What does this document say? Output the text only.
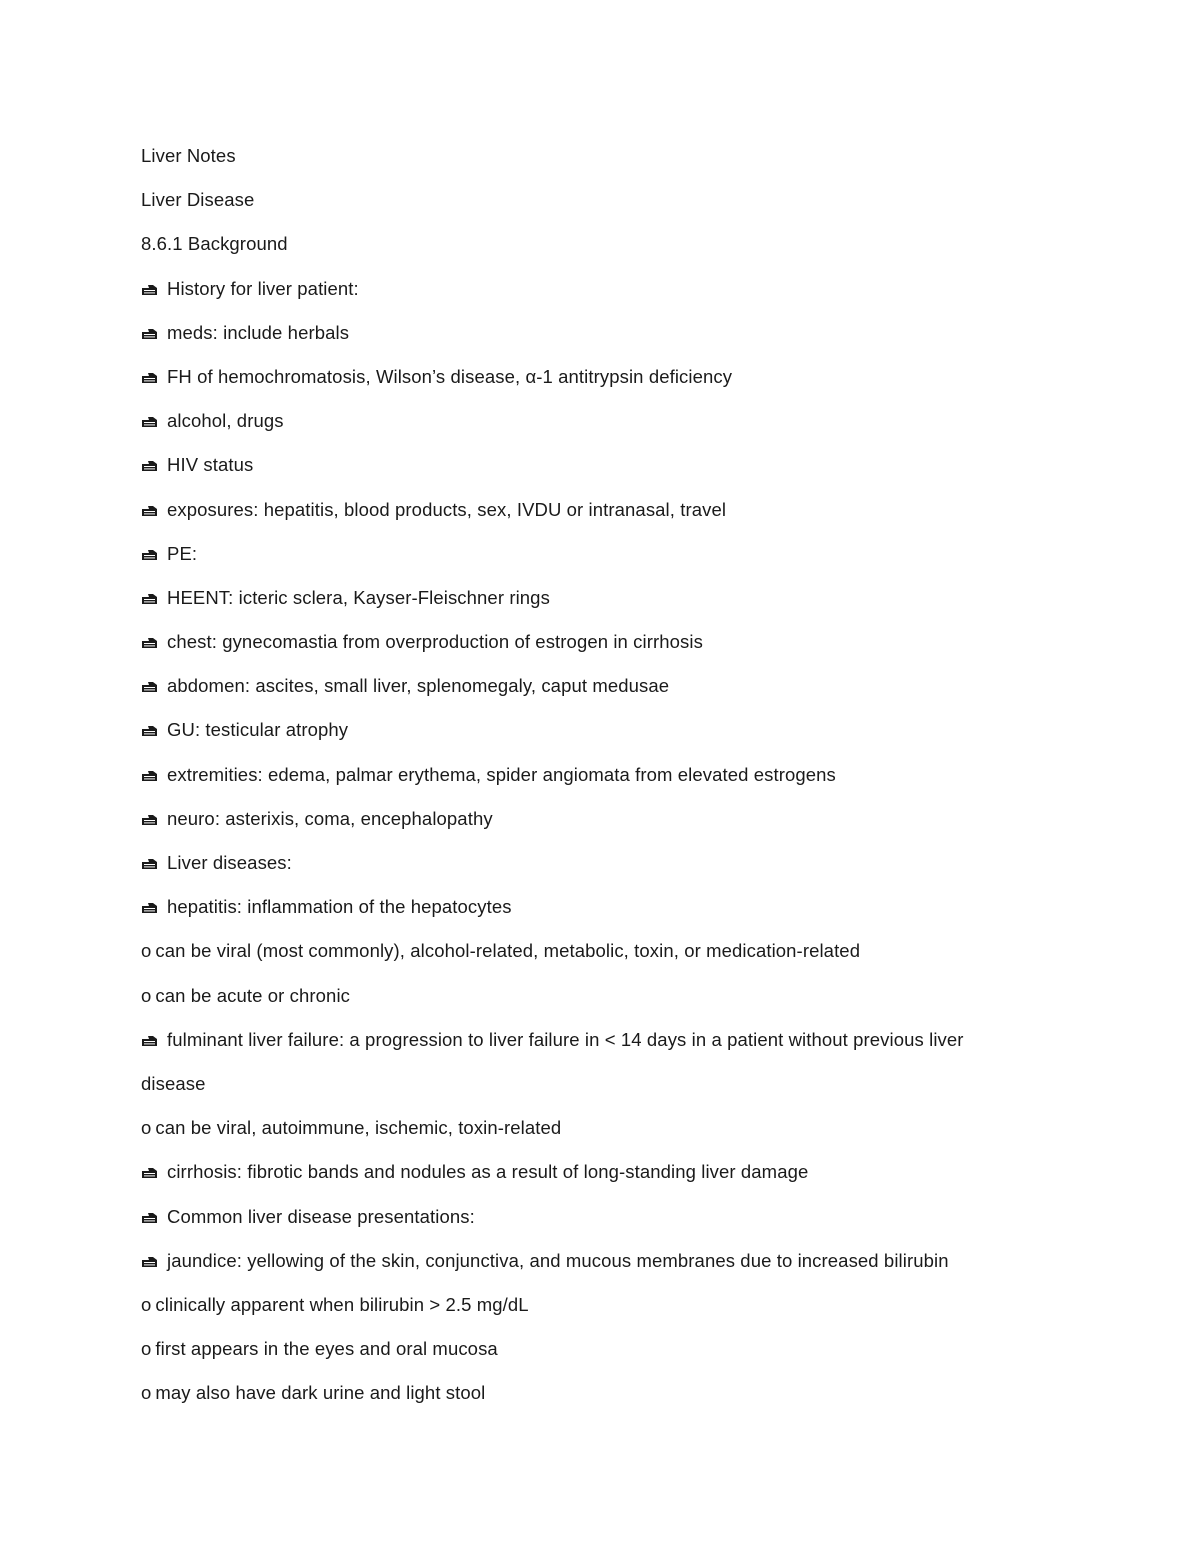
Liver Notes
Liver Disease
8.6.1 Background
History for liver patient:
meds: include herbals
FH of hemochromatosis, Wilson’s disease, α-1 antitrypsin deficiency
alcohol, drugs
HIV status
exposures: hepatitis, blood products, sex, IVDU or intranasal, travel
PE:
HEENT: icteric sclera, Kayser-Fleischner rings
chest: gynecomastia from overproduction of estrogen in cirrhosis
abdomen: ascites, small liver, splenomegaly, caput medusae
GU: testicular atrophy
extremities: edema, palmar erythema, spider angiomata from elevated estrogens
neuro: asterixis, coma, encephalopathy
Liver diseases:
hepatitis: inflammation of the hepatocytes
o can be viral (most commonly), alcohol-related, metabolic, toxin, or medication-related
o can be acute or chronic
fulminant liver failure: a progression to liver failure in < 14 days in a patient without previous liver
disease
o can be viral, autoimmune, ischemic, toxin-related
cirrhosis: fibrotic bands and nodules as a result of long-standing liver damage
Common liver disease presentations:
jaundice: yellowing of the skin, conjunctiva, and mucous membranes due to increased bilirubin
o clinically apparent when bilirubin > 2.5 mg/dL
o first appears in the eyes and oral mucosa
o may also have dark urine and light stool
